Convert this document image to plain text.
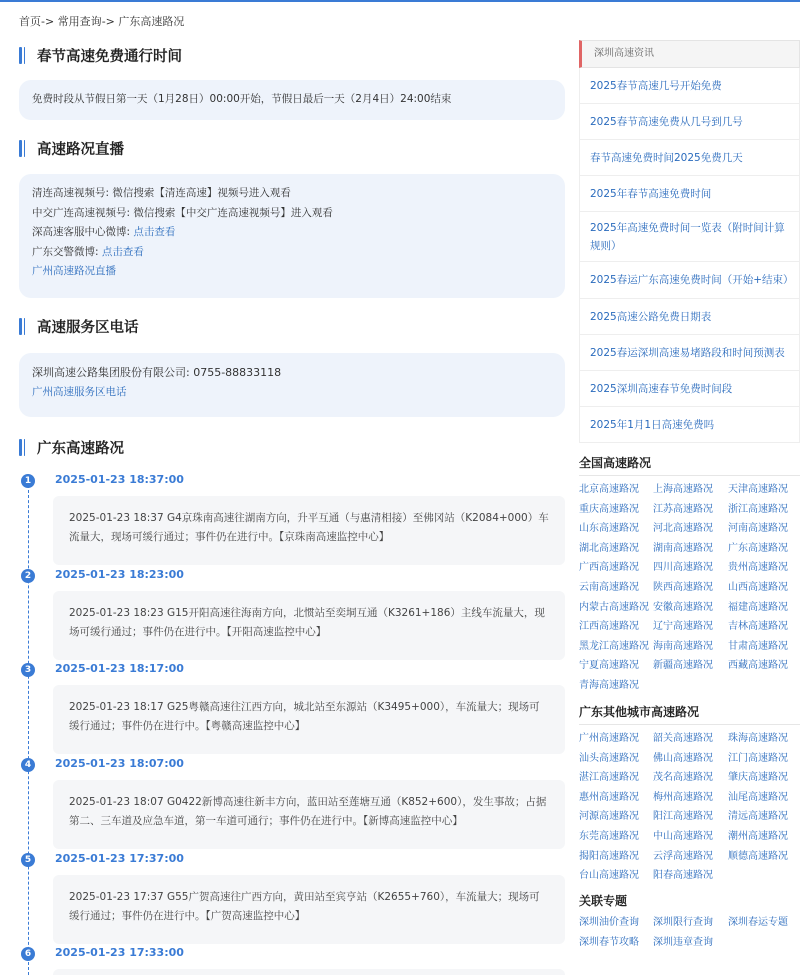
首页-> 常用查询-> 广东高速路况
春节高速免费通行时间
免费时段从节假日第一天（1月28日）00:00开始，节假日最后一天（2月4日）24:00结束
高速路况直播
清连高速视频号: 微信搜索【清连高速】视频号进入观看
中交广连高速视频号: 微信搜索【中交广连高速视频号】进入观看
深高速客服中心微博: 点击查看
广东交警微博: 点击查看
广州高速路况直播
高速服务区电话
深圳高速公路集团股份有限公司: 0755-88833118
广州高速服务区电话
广东高速路况
1	2025-01-23 18:37:00
2025-01-23 18:37 G4京珠南高速往湖南方向，升平互通（与惠清相接）至佛冈站（K2084+000）车流量大，现场可缓行通过；事件仍在进行中。【京珠南高速监控中心】
2	2025-01-23 18:23:00
2025-01-23 18:23 G15开阳高速往海南方向，北惯站至奕垌互通（K3261+186）主线车流量大，现场可缓行通过；事件仍在进行中。【开阳高速监控中心】
3	2025-01-23 18:17:00
2025-01-23 18:17 G25粤赣高速往江西方向，城北站至东源站（K3495+000），车流量大；现场可缓行通过；事件仍在进行中。【粤赣高速监控中心】
4	2025-01-23 18:07:00
2025-01-23 18:07 G0422新博高速往新丰方向，蓝田站至莲塘互通（K852+600），发生事故；占据第二、三车道及应急车道，第一车道可通行；事件仍在进行中。【新博高速监控中心】
5	2025-01-23 17:37:00
2025-01-23 17:37 G55广贺高速往广西方向，黄田站至宾亨站（K2655+760），车流量大；现场可缓行通过；事件仍在进行中。【广贺高速监控中心】
6	2025-01-23 17:33:00
深圳高速资讯
2025春节高速几号开始免费
2025春节高速免费从几号到几号
春节高速免费时间2025免费几天
2025年春节高速免费时间
2025年高速免费时间一览表（附时间计算规则）
2025春运广东高速免费时间（开始+结束）
2025高速公路免费日期表
2025春运深圳高速易堵路段和时间预测表
2025深圳高速春节免费时间段
2025年1月1日高速免费吗
全国高速路况
北京高速路况	上海高速路况	天津高速路况
重庆高速路况	江苏高速路况	浙江高速路况
山东高速路况	河北高速路况	河南高速路况
湖北高速路况	湖南高速路况	广东高速路况
广西高速路况	四川高速路况	贵州高速路况
云南高速路况	陕西高速路况	山西高速路况
内蒙古高速路况 安徽高速路况	福建高速路况
江西高速路况	辽宁高速路况	吉林高速路况
黑龙江高速路况 海南高速路况	甘肃高速路况
宁夏高速路况	新疆高速路况	西藏高速路况
青海高速路况
广东其他城市高速路况
广州高速路况	韶关高速路况	珠海高速路况
汕头高速路况	佛山高速路况	江门高速路况
湛江高速路况	茂名高速路况	肇庆高速路况
惠州高速路况	梅州高速路况	汕尾高速路况
河源高速路况	阳江高速路况	清远高速路况
东莞高速路况	中山高速路况	潮州高速路况
揭阳高速路况	云浮高速路况	顺德高速路况
台山高速路况	阳春高速路况
关联专题
深圳油价查询	深圳限行查询	深圳春运专题
深圳春节攻略	深圳违章查询
